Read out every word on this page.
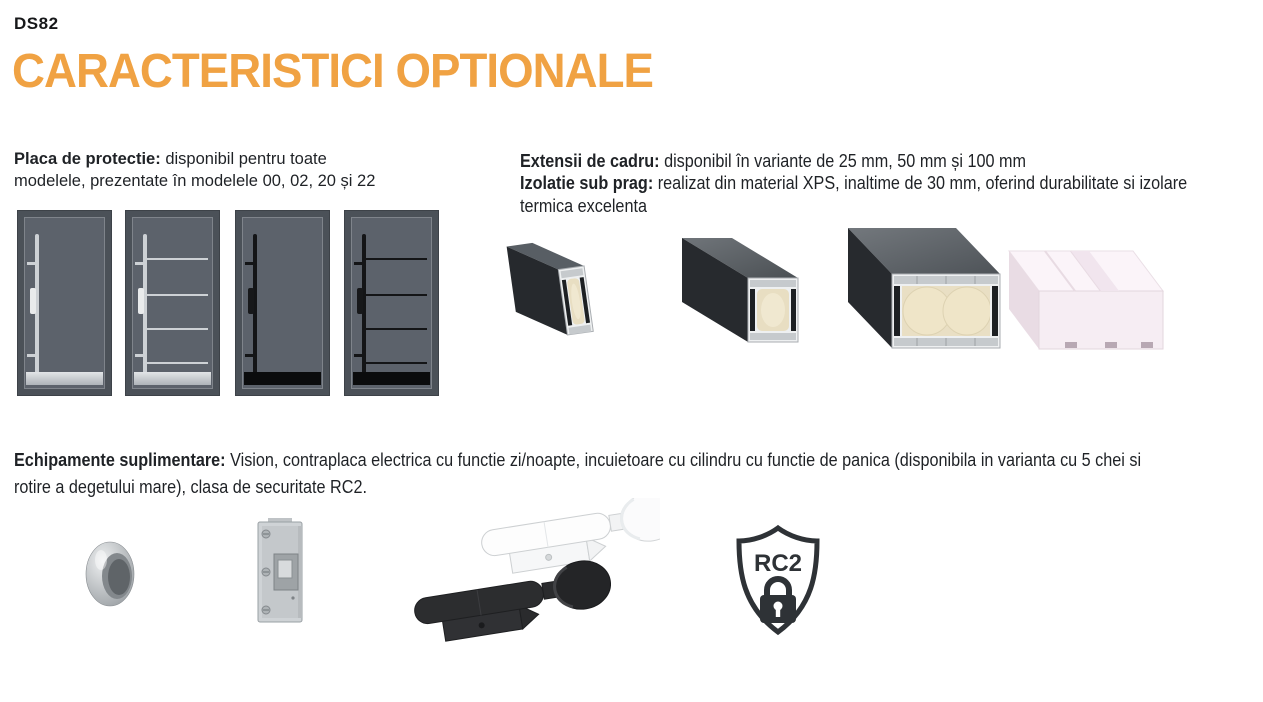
DS82
CARACTERISTICI OPTIONALE
Placa de protectie: disponibil pentru toate modelele, prezentate în modelele 00, 02, 20 și 22

Extensii de cadru: disponibil în variante de 25 mm, 50 mm și 100 mm

Izolatie sub prag: realizat din material XPS, inaltime de 30 mm, oferind durabilitate si izolare termica excelenta

Echipamente suplimentare: Vision, contraplaca electrica cu functie zi/noapte, incuietoare cu cilindru cu functie de panica (disponibila in varianta cu 5 chei si rotire a degetului mare), clasa de securitate RC2.
RC2
